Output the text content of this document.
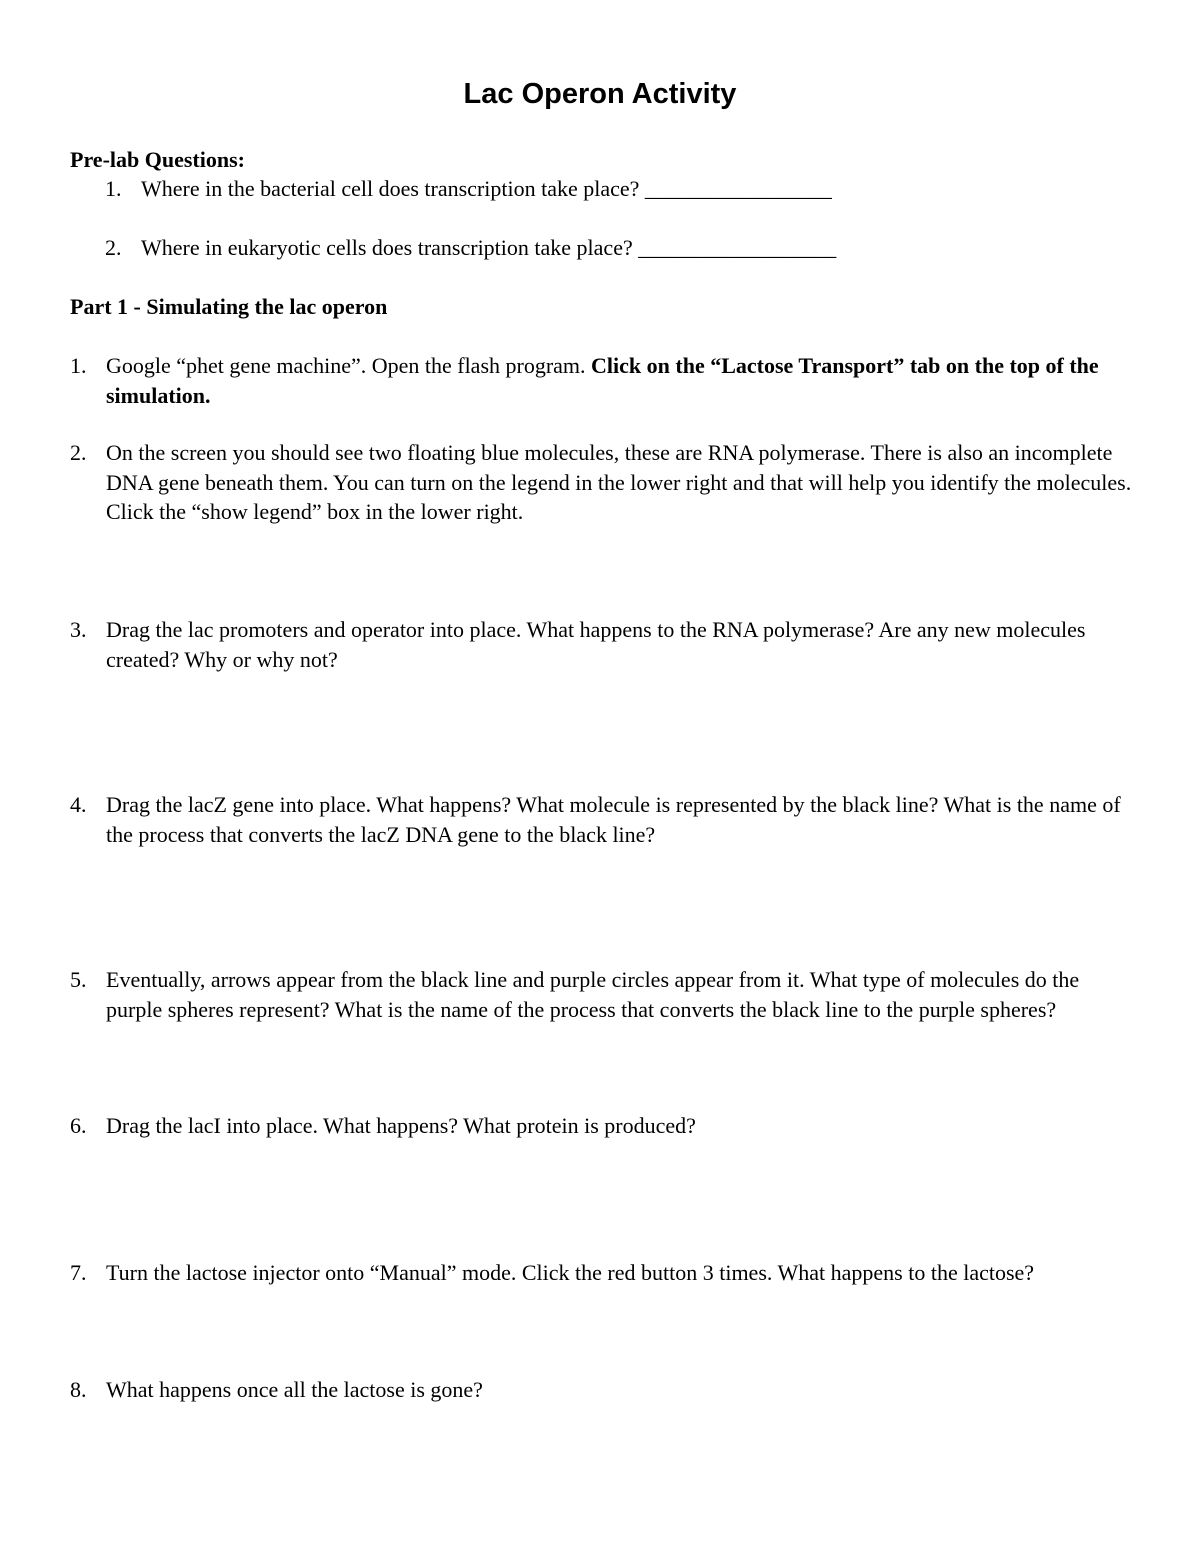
Lac Operon Activity

Pre-lab Questions:

1. Where in the bacterial cell does transcription take place? _________________
2. Where in eukaryotic cells does transcription take place? __________________

Part 1 - Simulating the lac operon

1. Google “phet gene machine”. Open the flash program. Click on the “Lactose Transport” tab on the top of the simulation.
2. On the screen you should see two floating blue molecules, these are RNA polymerase. There is also an incomplete DNA gene beneath them. You can turn on the legend in the lower right and that will help you identify the molecules. Click the “show legend” box in the lower right.
3. Drag the lac promoters and operator into place. What happens to the RNA polymerase? Are any new molecules created? Why or why not?
4. Drag the lacZ gene into place. What happens? What molecule is represented by the black line? What is the name of the process that converts the lacZ DNA gene to the black line?
5. Eventually, arrows appear from the black line and purple circles appear from it. What type of molecules do the purple spheres represent? What is the name of the process that converts the black line to the purple spheres?
6. Drag the lacI into place. What happens? What protein is produced?
7. Turn the lactose injector onto “Manual” mode. Click the red button 3 times. What happens to the lactose?
8. What happens once all the lactose is gone?
